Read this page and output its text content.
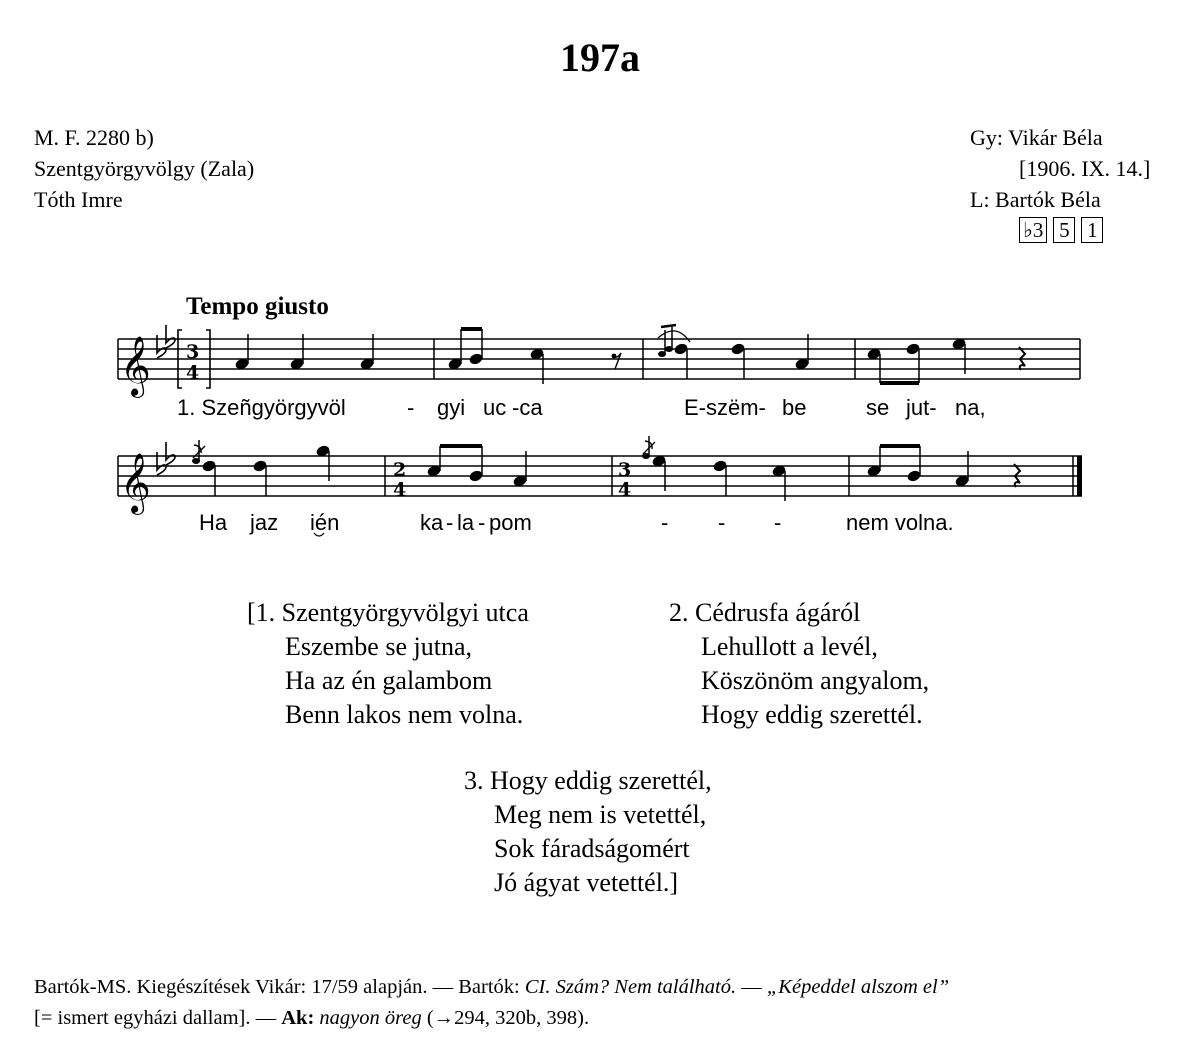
197a
M. F. 2280 b)
Szentgyörgyvölgy (Zala)
Tóth Imre
Gy: Vikár Béla
[1906. IX. 14.]
L: Bartók Béla
♭3 5 1
Tempo giusto
𝄞 3
4
1. Szeñgyörgyvöl	- gyi uc -ca	E-szëm- be	se jut- na,
𝄞	2
4
3
4
Ha jaz ién	ka - la - pom	- - -	nem volna.
[1. Szentgyörgyvölgyi utca
Eszembe se jutna,
Ha az én galambom
Benn lakos nem volna.
2. Cédrusfa ágáról
Lehullott a levél,
Köszönöm angyalom,
Hogy eddig szerettél.
3. Hogy eddig szerettél,
Meg nem is vetettél,
Sok fáradságomért
Jó ágyat vetettél.]
Bartók-MS. Kiegészítések Vikár: 17/59 alapján. — Bartók: CI. Szám? Nem található. — „Képeddel alszom el”
[= ismert egyházi dallam]. — Ak: nagyon öreg (→294, 320b, 398).
